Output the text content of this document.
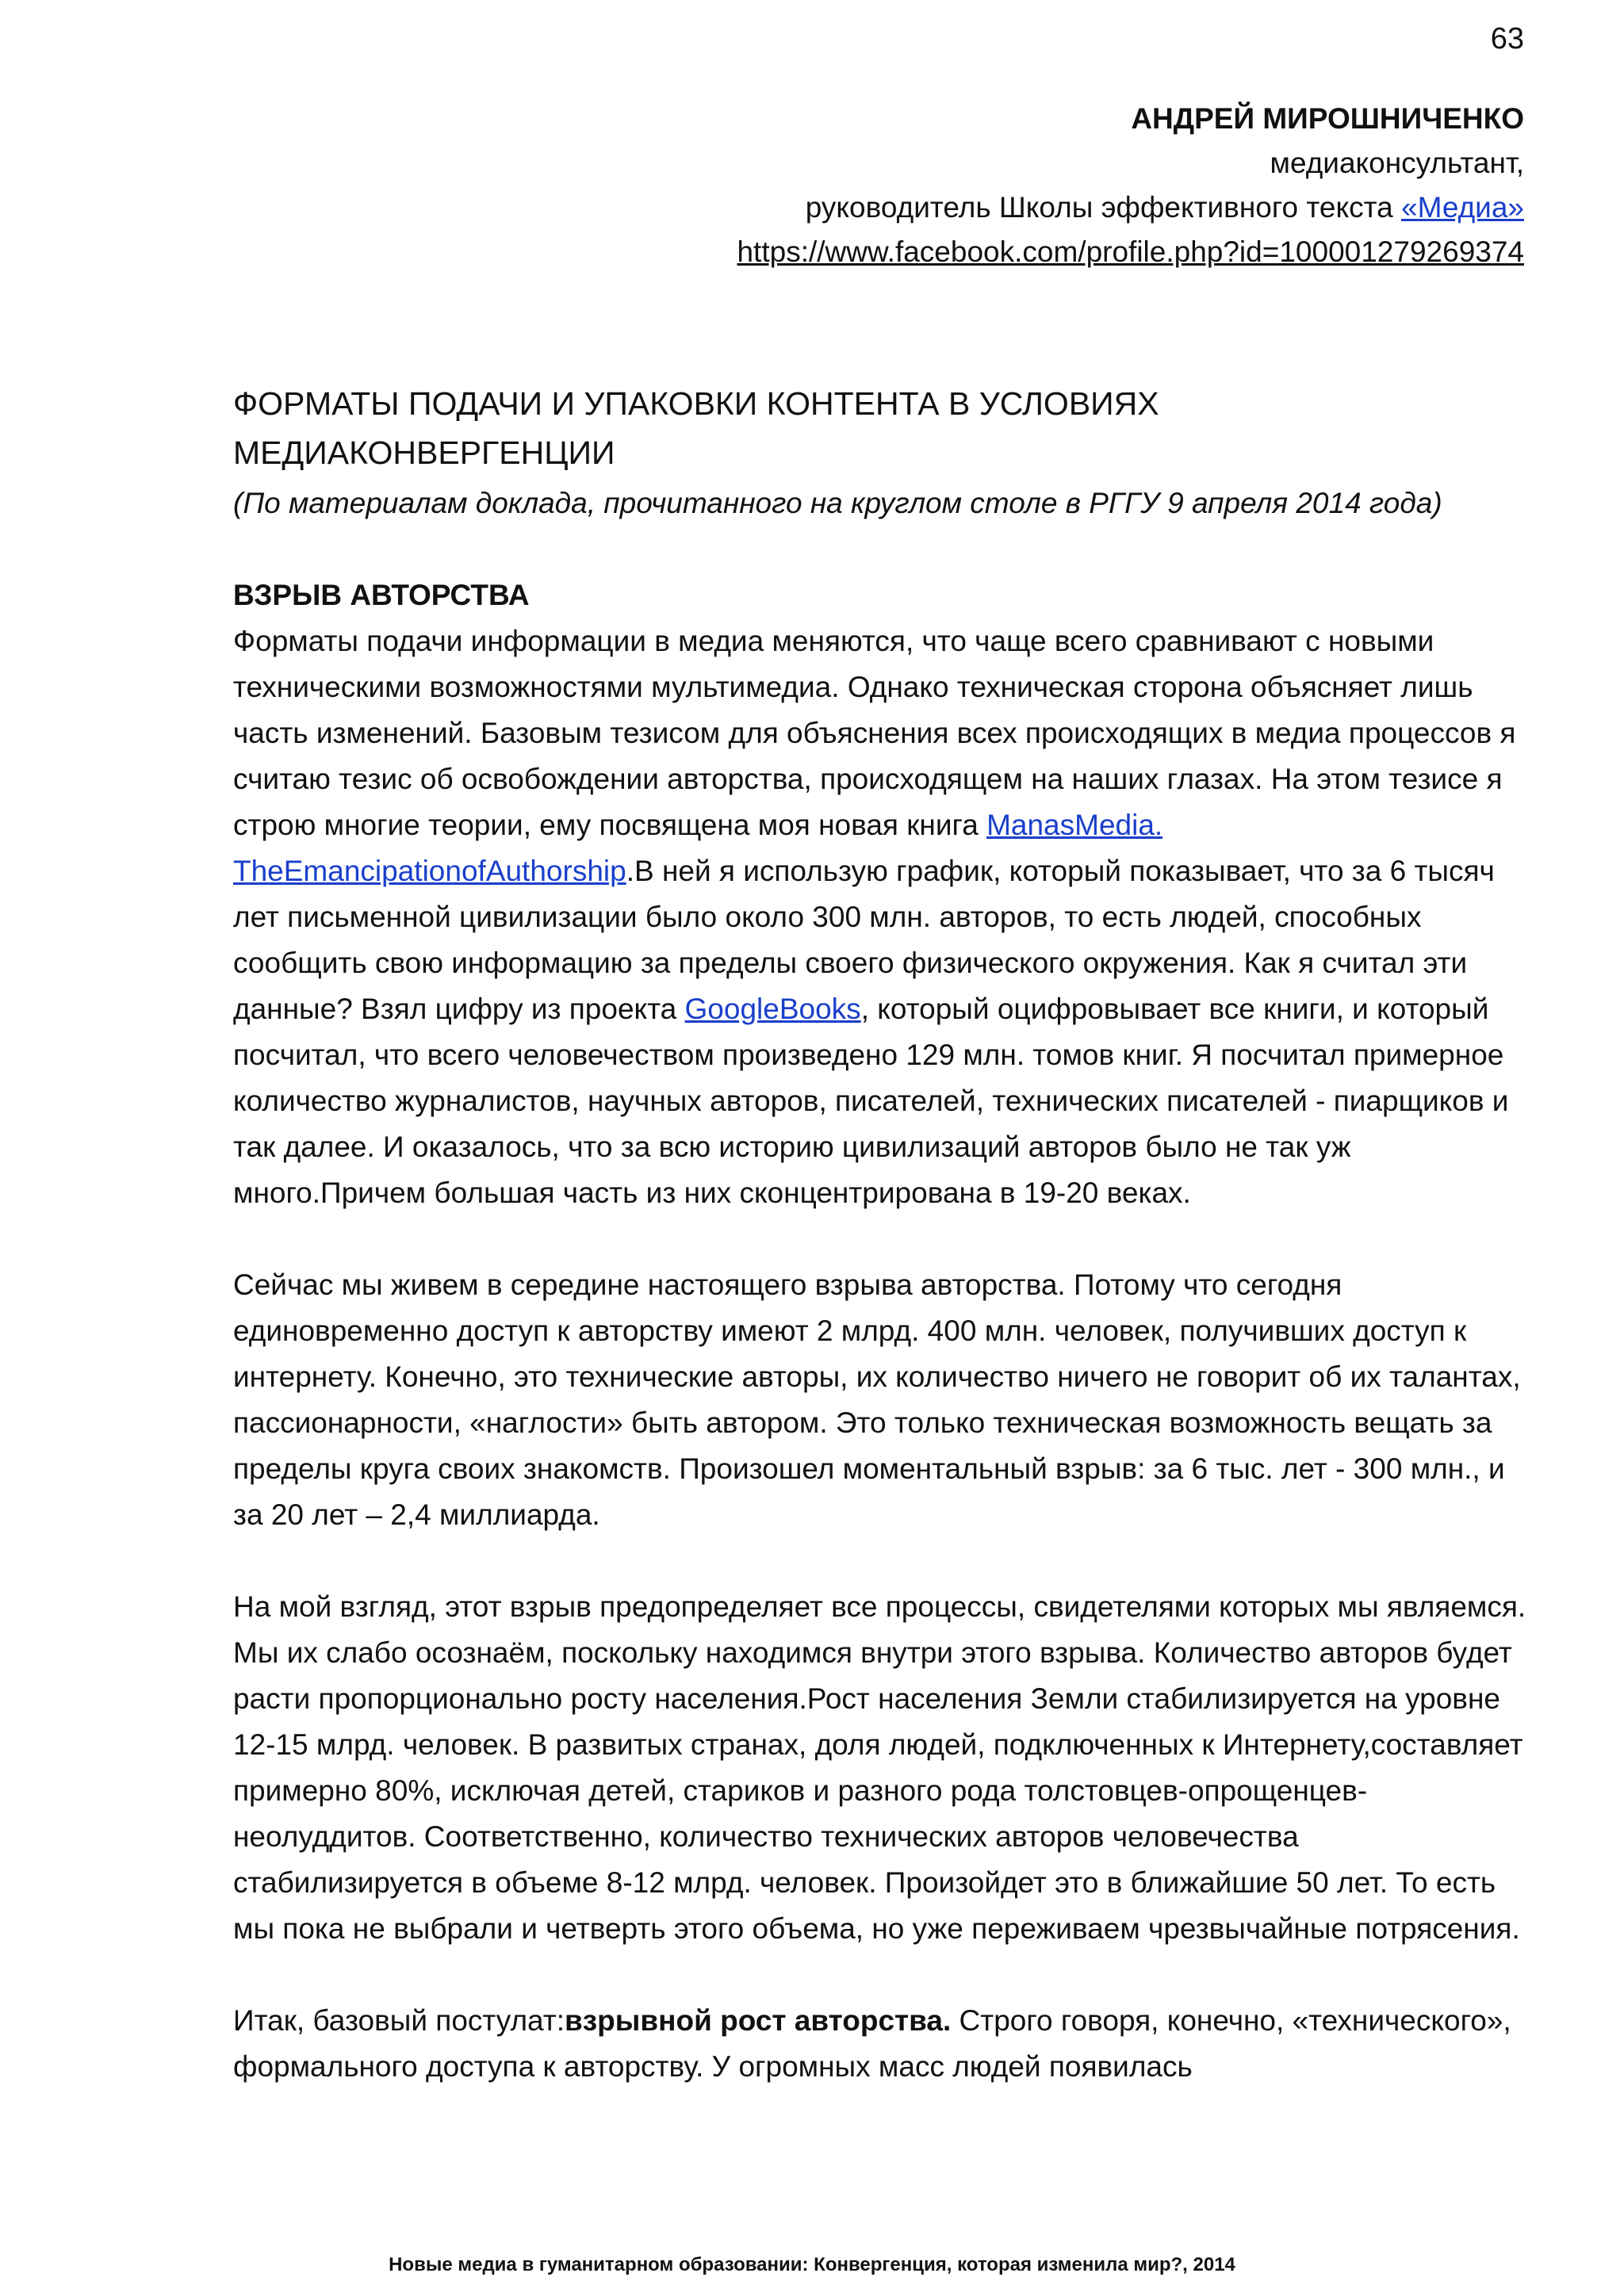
63
АНДРЕЙ МИРОШНИЧЕНКО
медиаконсультант,
руководитель Школы эффективного текста «Медиа»
https://www.facebook.com/profile.php?id=100001279269374
ФОРМАТЫ ПОДАЧИ И УПАКОВКИ КОНТЕНТА В УСЛОВИЯХ
МЕДИАКОНВЕРГЕНЦИИ

(По материалам доклада, прочитанного на круглом столе в РГГУ 9 апреля 2014 года)

ВЗРЫВ АВТОРСТВА

Форматы подачи информации в медиа меняются, что чаще всего сравнивают с новыми техническими возможностями мультимедиа. Однако техническая сторона объясняет лишь часть изменений. Базовым тезисом для объяснения всех происходящих в медиа процессов я считаю тезис об освобождении авторства, происходящем на наших глазах. На этом тезисе я строю многие теории, ему посвящена моя новая книга ManasMedia.
TheEmancipationofAuthorship.В ней я использую график, который показывает, что за 6 тысяч лет письменной цивилизации было около 300 млн. авторов, то есть людей, способных сообщить свою информацию за пределы своего физического окружения. Как я считал эти данные? Взял цифру из проекта GoogleBooks, который оцифровывает все книги, и который посчитал, что всего человечеством произведено 129 млн. томов книг. Я посчитал примерное количество журналистов, научных авторов, писателей, технических писателей - пиарщиков и так далее. И оказалось, что за всю историю цивилизаций авторов было не так уж много.Причем большая часть из них сконцентрирована в 19-20 веках.

Сейчас мы живем в середине настоящего взрыва авторства. Потому что сегодня единовременно доступ к авторству имеют 2 млрд. 400 млн. человек, получивших доступ к интернету. Конечно, это технические авторы, их количество ничего не говорит об их талантах, пассионарности, «наглости» быть автором. Это только техническая возможность вещать за пределы круга своих знакомств. Произошел моментальный взрыв: за 6 тыс. лет - 300 млн., и за 20 лет – 2,4 миллиарда.

На мой взгляд, этот взрыв предопределяет все процессы, свидетелями которых мы являемся. Мы их слабо осознаём, поскольку находимся внутри этого взрыва. Количество авторов будет расти пропорционально росту населения.Рост населения Земли стабилизируется на уровне 12-15 млрд. человек. В развитых странах, доля людей, подключенных к Интернету,составляет примерно 80%, исключая детей, стариков и разного рода толстовцев-опрощенцев-неолуддитов. Соответственно, количество технических авторов человечества стабилизируется в объеме 8-12 млрд. человек. Произойдет это в ближайшие 50 лет. То есть мы пока не выбрали и четверть этого объема, но уже переживаем чрезвычайные потрясения.

Итак, базовый постулат:взрывной рост авторства. Строго говоря, конечно, «технического», формального доступа к авторству. У огромных масс людей появилась

Новые медиа в гуманитарном образовании: Конвергенция, которая изменила мир?, 2014
